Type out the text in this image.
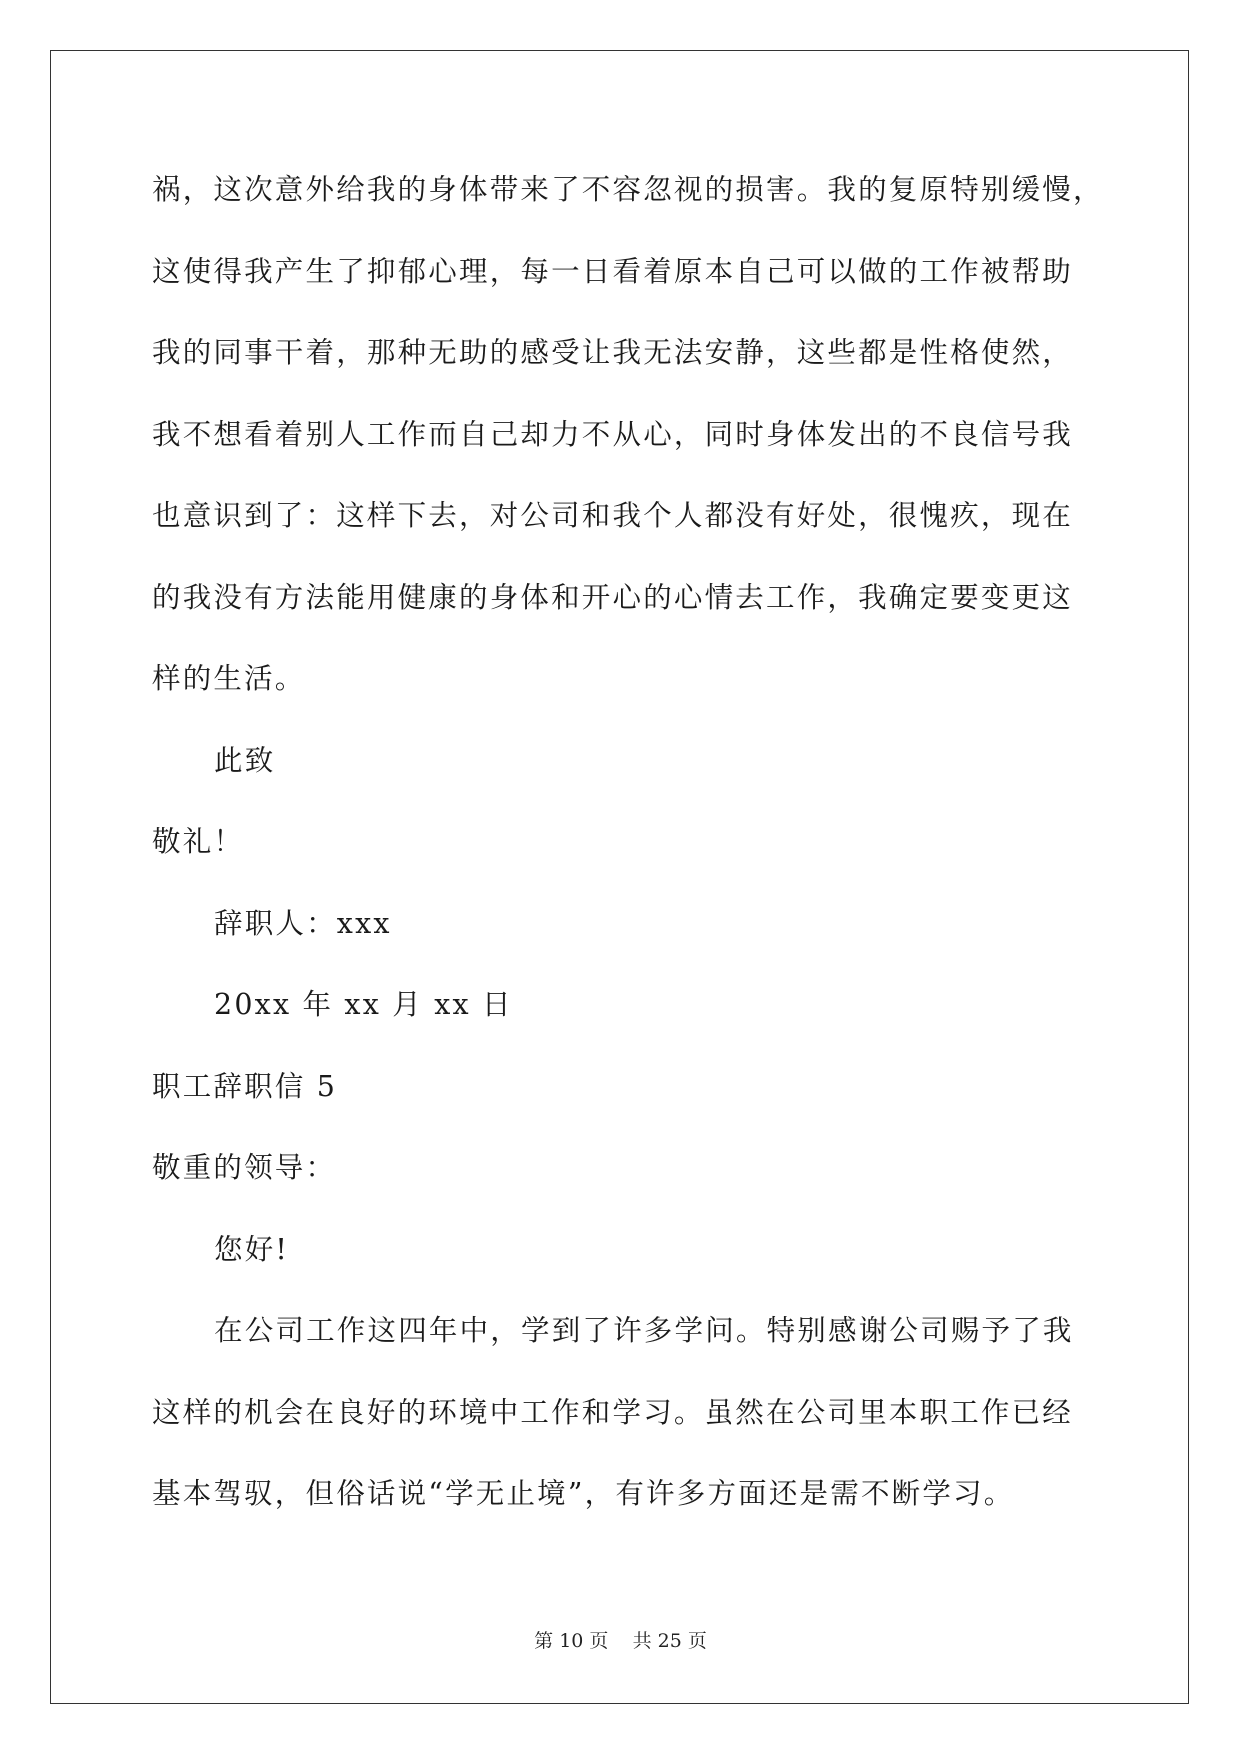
祸，这次意外给我的身体带来了不容忽视的损害。我的复原特别缓慢，
这使得我产生了抑郁心理，每一日看着原本自己可以做的工作被帮助
我的同事干着，那种无助的感受让我无法安静，这些都是性格使然，
我不想看着别人工作而自己却力不从心，同时身体发出的不良信号我
也意识到了：这样下去，对公司和我个人都没有好处，很愧疚，现在
的我没有方法能用健康的身体和开心的心情去工作，我确定要变更这
样的生活。
此致
敬礼！
辞职人：xxx
20xx 年 xx 月 xx 日
职工辞职信 5
敬重的领导：
您好!
在公司工作这四年中，学到了许多学问。特别感谢公司赐予了我
这样的机会在良好的环境中工作和学习。虽然在公司里本职工作已经
基本驾驭，但俗话说“学无止境”，有许多方面还是需不断学习。
第 10 页    共 25 页
